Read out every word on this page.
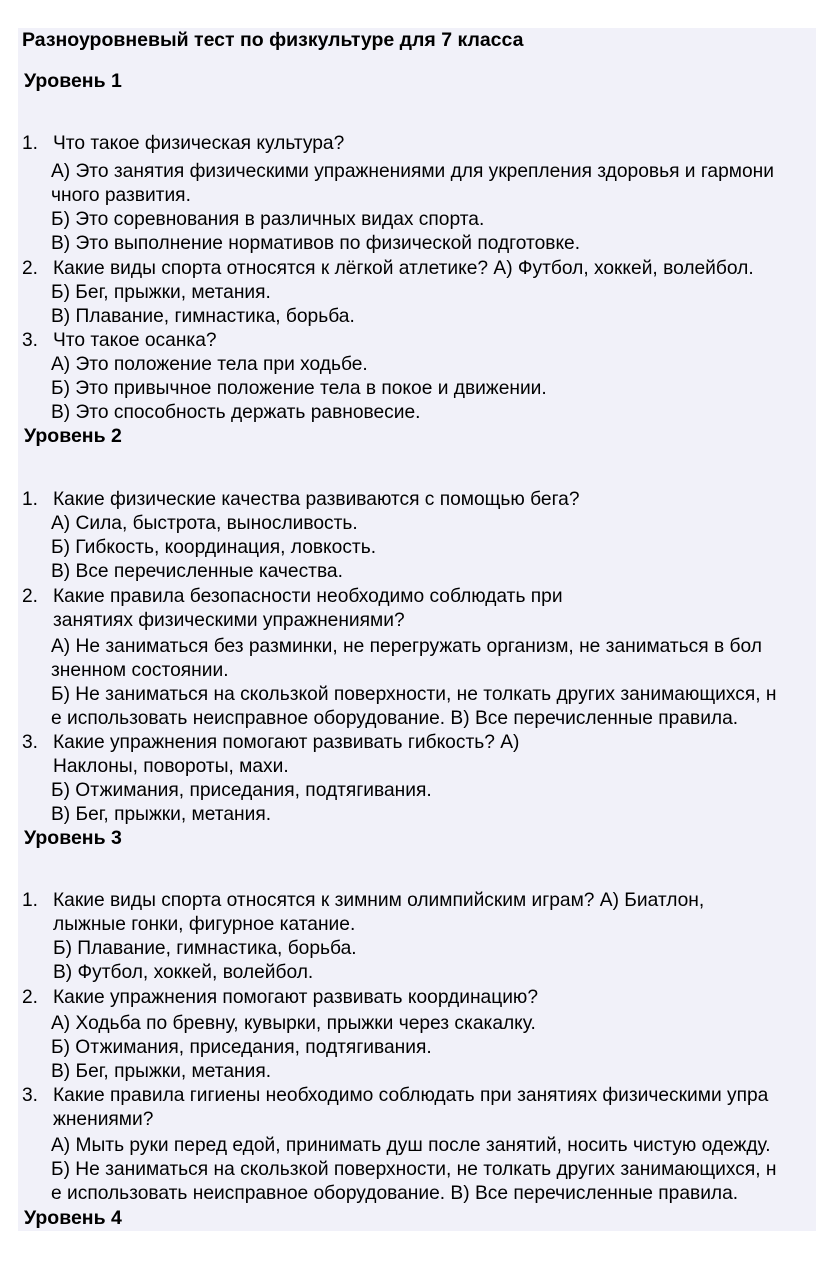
Разноуровневый тест по физкультуре для 7 класса
Уровень 1
1. Что такое физическая культура?
А) Это занятия физическими упражнениями для укрепления здоровья и гармони
чного развития.
Б) Это соревнования в различных видах спорта.
В) Это выполнение нормативов по физической подготовке.
2. Какие виды спорта относятся к лёгкой атлетике? А) Футбол, хоккей, волейбол.
Б) Бег, прыжки, метания.
В) Плавание, гимнастика, борьба.
3. Что такое осанка?
А) Это положение тела при ходьбе.
Б) Это привычное положение тела в покое и движении.
В) Это способность держать равновесие.
Уровень 2
1. Какие физические качества развиваются с помощью бега?
А) Сила, быстрота, выносливость.
Б) Гибкость, координация, ловкость.
В) Все перечисленные качества.
2. Какие правила безопасности необходимо соблюдать при
занятиях физическими упражнениями?
А) Не заниматься без разминки, не перегружать организм, не заниматься в бол
зненном состоянии.
Б) Не заниматься на скользкой поверхности, не толкать других занимающихся, н
е использовать неисправное оборудование. В) Все перечисленные правила.
3. Какие упражнения помогают развивать гибкость? А)
Наклоны, повороты, махи.
Б) Отжимания, приседания, подтягивания.
В) Бег, прыжки, метания.
Уровень 3
1. Какие виды спорта относятся к зимним олимпийским играм? А) Биатлон,
лыжные гонки, фигурное катание.
Б) Плавание, гимнастика, борьба.
В) Футбол, хоккей, волейбол.
2. Какие упражнения помогают развивать координацию?
А) Ходьба по бревну, кувырки, прыжки через скакалку.
Б) Отжимания, приседания, подтягивания.
В) Бег, прыжки, метания.
3. Какие правила гигиены необходимо соблюдать при занятиях физическими упра
жнениями?
А) Мыть руки перед едой, принимать душ после занятий, носить чистую одежду.
Б) Не заниматься на скользкой поверхности, не толкать других занимающихся, н
е использовать неисправное оборудование. В) Все перечисленные правила.
Уровень 4
